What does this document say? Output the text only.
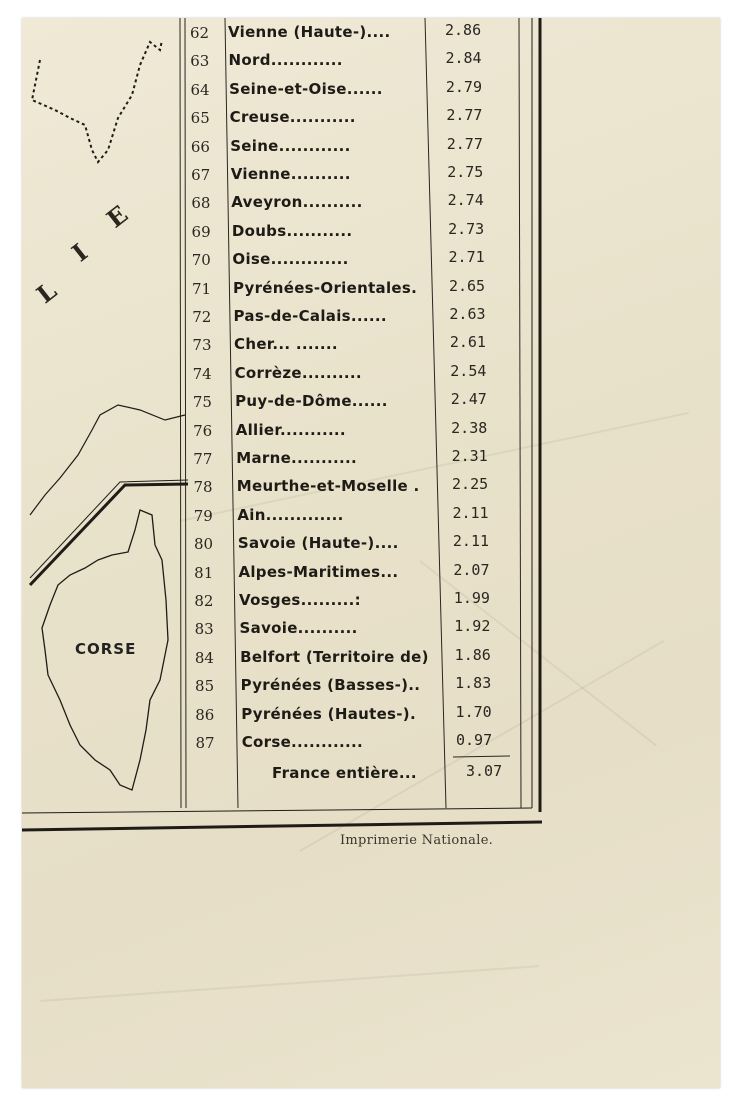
L
I
E
CORSE
62 Vienne (Haute-)....	2.86
63 Nord............	2.84
64 Seine-et-Oise......	2.79
65 Creuse...........	2.77
66 Seine............	2.77
67 Vienne..........	2.75
68 Aveyron..........	2.74
69 Doubs...........	2.73
70 Oise.............	2.71
71 Pyrénées-Orientales. 2.65
72 Pas-de-Calais......	2.63
73 Cher... .......	2.61
74 Corrèze..........	2.54
75 Puy-de-Dôme......	2.47
76 Allier...........	2.38
77 Marne...........	2.31
78 Meurthe-et-Moselle . 2.25
79 Ain.............	2.11
80 Savoie (Haute-)....	2.11
81 Alpes-Maritimes...	2.07
82 Vosges.........:	1.99
83 Savoie..........	1.92
84 Belfort (Territoire de) 1.86
85 Pyrénées (Basses-).. 1.83
86 Pyrénées (Hautes-).	1.70
87 Corse............	0.97
France entière...	3.07
Imprimerie Nationale.
